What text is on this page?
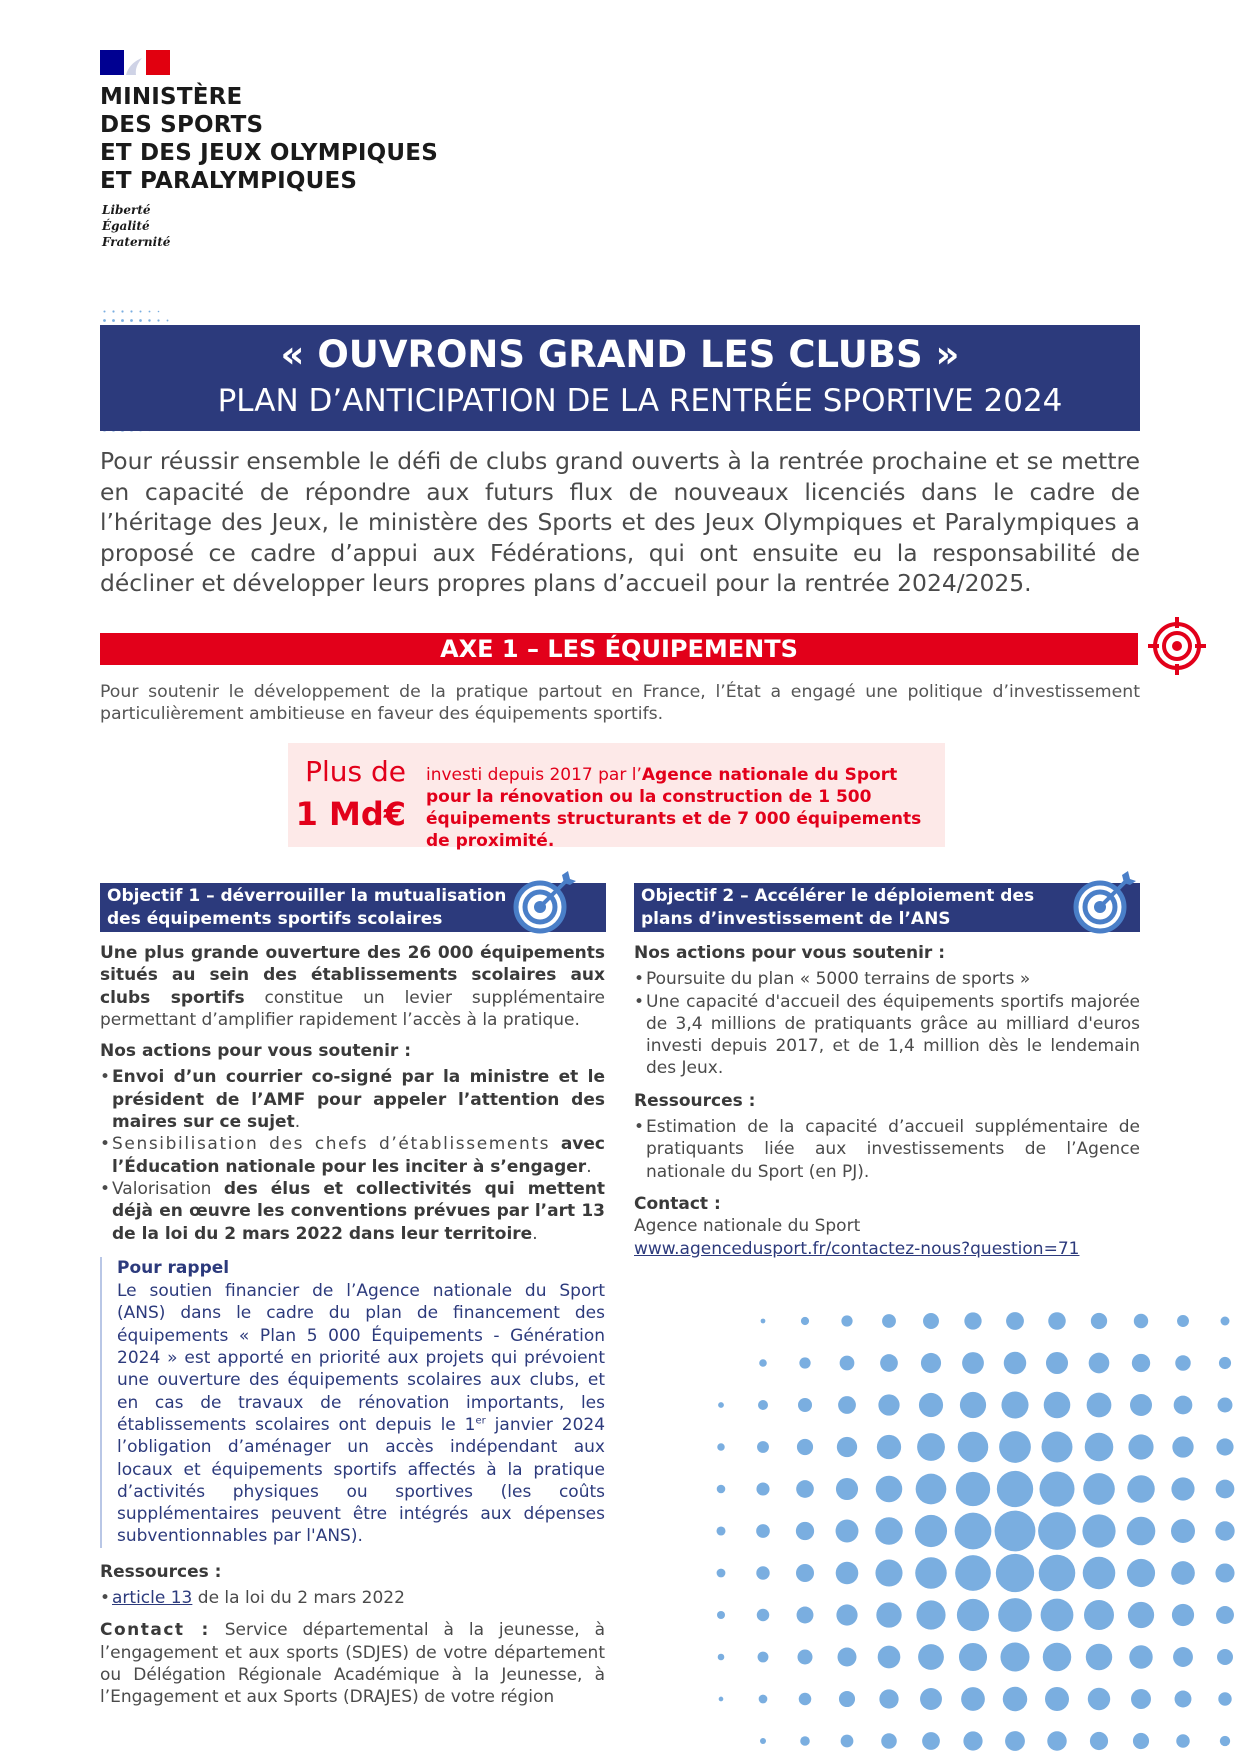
MINISTÈRE
DES SPORTS
ET DES JEUX OLYMPIQUES
ET PARALYMPIQUES
Liberté
Égalité
Fraternité
« OUVRONS GRAND LES CLUBS »
PLAN D’ANTICIPATION DE LA RENTRÉE SPORTIVE 2024
Pour réussir ensemble le défi de clubs grand ouverts à la rentrée prochaine et se mettre en capacité de répondre aux futurs flux de nouveaux licenciés dans le cadre de l’héritage des Jeux, le ministère des Sports et des Jeux Olympiques et Paralympiques a proposé ce cadre d’appui aux Fédérations, qui ont ensuite eu la responsabilité de décliner et développer leurs propres plans d’accueil pour la rentrée 2024/2025.
AXE 1 – LES ÉQUIPEMENTS
Pour soutenir le développement de la pratique partout en France, l’État a engagé une politique d’investissement particulièrement ambitieuse en faveur des équipements sportifs.
Plus de
1 Md€
investi depuis 2017 par l’Agence nationale du Sport pour la rénovation ou la construction de 1 500 équipements structurants et de 7 000 équipements de proximité.
Objectif 1 – déverrouiller la mutualisation des équipements sportifs scolaires
Objectif 2 – Accélérer le déploiement des plans d’investissement de l’ANS

Une plus grande ouverture des 26 000 équipements situés au sein des établissements scolaires aux clubs sportifs constitue un levier supplémentaire permettant d’amplifier rapidement l’accès à la pratique.

Nos actions pour vous soutenir :

• Envoi d’un courrier co-signé par la ministre et le président de l’AMF pour appeler l’attention des maires sur ce sujet.
• Sensibilisation des chefs d’établissements avec l’Éducation nationale pour les inciter à s’engager.
• Valorisation des élus et collectivités qui mettent déjà en œuvre les conventions prévues par l’art 13 de la loi du 2 mars 2022 dans leur territoire.

Pour rappel

Le soutien financier de l’Agence nationale du Sport (ANS) dans le cadre du plan de financement des équipements « Plan 5 000 Équipements - Génération 2024 » est apporté en priorité aux projets qui prévoient une ouverture des équipements scolaires aux clubs, et en cas de travaux de rénovation importants, les établissements scolaires ont depuis le 1er janvier 2024 l’obligation d’aménager un accès indépendant aux locaux et équipements sportifs affectés à la pratique d’activités physiques ou sportives (les coûts supplémentaires peuvent être intégrés aux dépenses subventionnables par l'ANS).

Ressources :

• article 13 de la loi du 2 mars 2022

Contact : Service départemental à la jeunesse, à l’engagement et aux sports (SDJES) de votre département ou Délégation Régionale Académique à la Jeunesse, à l’Engagement et aux Sports (DRAJES) de votre région

Nos actions pour vous soutenir :

• Poursuite du plan « 5000 terrains de sports »
• Une capacité d'accueil des équipements sportifs majorée de 3,4 millions de pratiquants grâce au milliard d'euros investi depuis 2017, et de 1,4 million dès le lendemain des Jeux.

Ressources :

• Estimation de la capacité d’accueil supplémentaire de pratiquants liée aux investissements de l’Agence nationale du Sport (en PJ).

Contact :

Agence nationale du Sport

www.agencedusport.fr/contactez-nous?question=71
